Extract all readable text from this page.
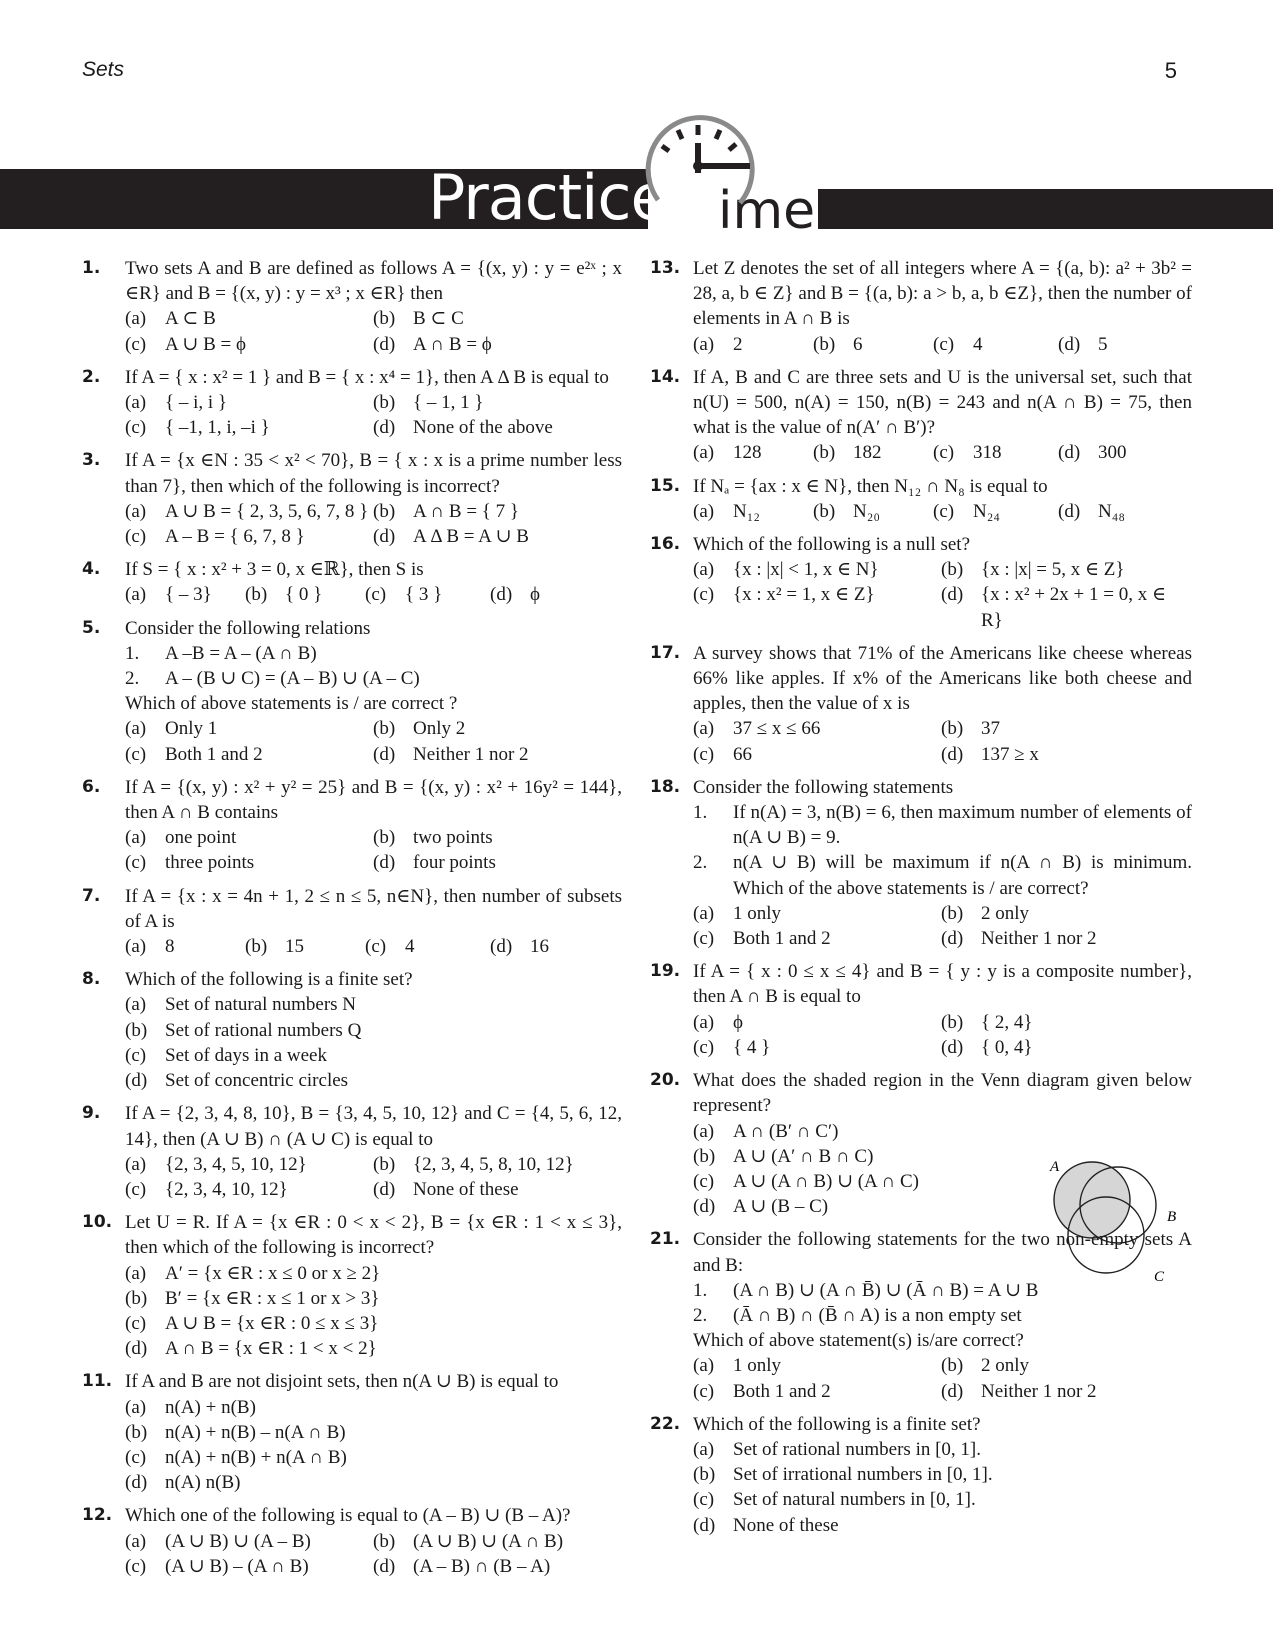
Sets	5
Practice ime
1. Two sets A and B are defined as follows A = {(x, y) : y = e²ˣ ; x ∈R} and B = {(x, y) : y = x³ ; x ∈R} then
(a) A ⊂ B	(b) B ⊂ C
(c) A ∪ B = ϕ	(d) A ∩ B = ϕ
2. If A = { x : x² = 1 } and B = { x : x⁴ = 1}, then A Δ B is equal to
(a) { – i, i }	(b) { – 1, 1 }
(c) { –1, 1, i, –i }	(d) None of the above
3. If A = {x ∈N : 35 < x² < 70}, B = { x : x is a prime number less than 7}, then which of the following is incorrect?
(a) A ∪ B = { 2, 3, 5, 6, 7, 8 } (b) A ∩ B = { 7 }
(c) A – B = { 6, 7, 8 }	(d) A Δ B = A ∪ B
4. If S = { x : x² + 3 = 0, x ∈ℝ}, then S is
(a) { – 3}	(b) { 0 }	(c) { 3 }	(d) ϕ
5. Consider the following relations
1.	A –B = A – (A ∩ B)
2.	A – (B ∪ C) = (A – B) ∪ (A – C)
Which of above statements is / are correct ?
(a) Only 1	(b) Only 2
(c) Both 1 and 2	(d) Neither 1 nor 2
6. If A = {(x, y) : x² + y² = 25} and B = {(x, y) : x² + 16y² = 144}, then A ∩ B contains
(a) one point	(b) two points
(c) three points	(d) four points
7. If A = {x : x = 4n + 1, 2 ≤ n ≤ 5, n∈N}, then number of subsets of A is
(a) 8	(b) 15	(c) 4	(d) 16
8. Which of the following is a finite set?
(a) Set of natural numbers N
(b) Set of rational numbers Q
(c) Set of days in a week
(d) Set of concentric circles
9. If A = {2, 3, 4, 8, 10}, B = {3, 4, 5, 10, 12} and C = {4, 5, 6, 12, 14}, then (A ∪ B) ∩ (A ∪ C) is equal to
(a) {2, 3, 4, 5, 10, 12}	(b) {2, 3, 4, 5, 8, 10, 12}
(c) {2, 3, 4, 10, 12}	(d) None of these
10. Let U = R. If A = {x ∈R : 0 < x < 2}, B = {x ∈R : 1 < x ≤ 3}, then which of the following is incorrect?
(a) A′ = {x ∈R : x ≤ 0 or x ≥ 2}
(b) B′ = {x ∈R : x ≤ 1 or x > 3}
(c) A ∪ B = {x ∈R : 0 ≤ x ≤ 3}
(d) A ∩ B = {x ∈R : 1 < x < 2}
11. If A and B are not disjoint sets, then n(A ∪ B) is equal to
(a) n(A) + n(B)
(b) n(A) + n(B) – n(A ∩ B)
(c) n(A) + n(B) + n(A ∩ B)
(d) n(A) n(B)
12. Which one of the following is equal to (A – B) ∪ (B – A)?
(a) (A ∪ B) ∪ (A – B)	(b) (A ∪ B) ∪ (A ∩ B)
(c) (A ∪ B) – (A ∩ B)	(d) (A – B) ∩ (B – A)
13. Let Z denotes the set of all integers where A = {(a, b): a² + 3b² = 28, a, b ∈ Z} and B = {(a, b): a > b, a, b ∈Z}, then the number of elements in A ∩ B is
(a) 2	(b) 6	(c) 4	(d) 5
14. If A, B and C are three sets and U is the universal set, such that n(U) = 500, n(A) = 150, n(B) = 243 and n(A ∩ B) = 75, then what is the value of n(A′ ∩ B′)?
(a) 128	(b) 182	(c) 318	(d) 300
15. If Nₐ = {ax : x ∈ N}, then N₁₂ ∩ N₈ is equal to
(a) N₁₂	(b) N₂₀	(c) N₂₄	(d) N₄₈
16. Which of the following is a null set?
(a) {x : |x| < 1, x ∈ N}	(b) {x : |x| = 5, x ∈ Z}
(c) {x : x² = 1, x ∈ Z}	(d) {x : x² + 2x + 1 = 0, x ∈ R}
17. A survey shows that 71% of the Americans like cheese whereas 66% like apples. If x% of the Americans like both cheese and apples, then the value of x is
(a) 37 ≤ x ≤ 66	(b) 37
(c) 66	(d) 137 ≥ x
18. Consider the following statements
1.	If n(A) = 3, n(B) = 6, then maximum number of elements of n(A ∪ B) = 9.
2.	n(A ∪ B) will be maximum if n(A ∩ B) is minimum. Which of the above statements is / are correct?
(a) 1 only	(b) 2 only
(c) Both 1 and 2	(d) Neither 1 nor 2
19. If A = { x : 0 ≤ x ≤ 4} and B = { y : y is a composite number}, then A ∩ B is equal to
(a) ϕ	(b) { 2, 4}
(c) { 4 }	(d) { 0, 4}
20. What does the shaded region in the Venn diagram given below represent?
A
B
C
(a) A ∩ (B′ ∩ C′)
(b) A ∪ (A′ ∩ B ∩ C)
(c) A ∪ (A ∩ B) ∪ (A ∩ C)
(d) A ∪ (B – C)
21. Consider the following statements for the two non-empty sets A and B:
1.	(A ∩ B) ∪ (A ∩ B̄) ∪ (Ā ∩ B) = A ∪ B
2.	(Ā ∩ B) ∩ (B̄ ∩ A) is a non empty set
Which of above statement(s) is/are correct?
(a) 1 only	(b) 2 only
(c) Both 1 and 2	(d) Neither 1 nor 2
22. Which of the following is a finite set?
(a) Set of rational numbers in [0, 1].
(b) Set of irrational numbers in [0, 1].
(c) Set of natural numbers in [0, 1].
(d) None of these
